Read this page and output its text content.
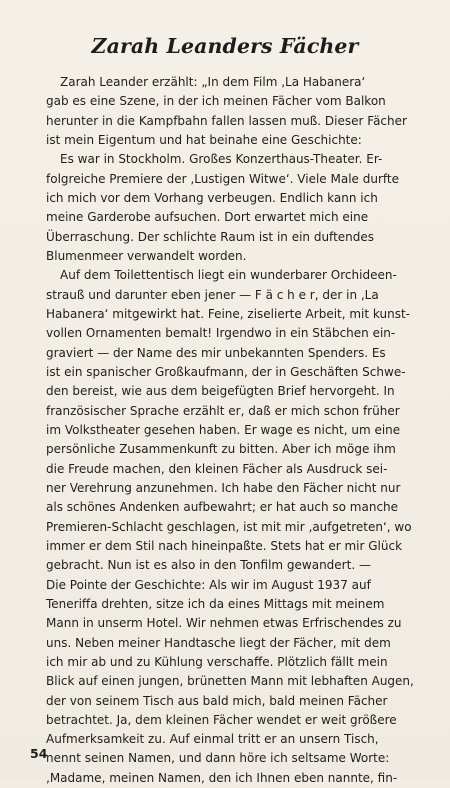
Zarah Leanders Fächer
Zarah Leander erzählt: „In dem Film ‚La Habanera‘
gab es eine Szene, in der ich meinen Fächer vom Balkon
herunter in die Kampfbahn fallen lassen muß. Dieser Fächer
ist mein Eigentum und hat beinahe eine Geschichte:
Es war in Stockholm. Großes Konzerthaus-Theater. Er-
folgreiche Premiere der ‚Lustigen Witwe‘. Viele Male durfte
ich mich vor dem Vorhang verbeugen. Endlich kann ich
meine Garderobe aufsuchen. Dort erwartet mich eine
Überraschung. Der schlichte Raum ist in ein duftendes
Blumenmeer verwandelt worden.
Auf dem Toilettentisch liegt ein wunderbarer Orchideen-
strauß und darunter eben jener — F ä c h e r, der in ‚La
Habanera‘ mitgewirkt hat. Feine, ziselierte Arbeit, mit kunst-
vollen Ornamenten bemalt! Irgendwo in ein Stäbchen ein-
graviert — der Name des mir unbekannten Spenders. Es
ist ein spanischer Großkaufmann, der in Geschäften Schwe-
den bereist, wie aus dem beigefügten Brief hervorgeht. In
französischer Sprache erzählt er, daß er mich schon früher
im Volkstheater gesehen haben. Er wage es nicht, um eine
persönliche Zusammenkunft zu bitten. Aber ich möge ihm
die Freude machen, den kleinen Fächer als Ausdruck sei-
ner Verehrung anzunehmen. Ich habe den Fächer nicht nur
als schönes Andenken aufbewahrt; er hat auch so manche
Premieren-Schlacht geschlagen, ist mit mir ‚aufgetreten‘, wo
immer er dem Stil nach hineinpaßte. Stets hat er mir Glück
gebracht. Nun ist es also in den Tonfilm gewandert. —
Die Pointe der Geschichte: Als wir im August 1937 auf
Teneriffa drehten, sitze ich da eines Mittags mit meinem
Mann in unserm Hotel. Wir nehmen etwas Erfrischendes zu
uns. Neben meiner Handtasche liegt der Fächer, mit dem
ich mir ab und zu Kühlung verschaffe. Plötzlich fällt mein
Blick auf einen jungen, brünetten Mann mit lebhaften Augen,
der von seinem Tisch aus bald mich, bald meinen Fächer
betrachtet. Ja, dem kleinen Fächer wendet er weit größere
Aufmerksamkeit zu. Auf einmal tritt er an unsern Tisch,
nennt seinen Namen, und dann höre ich seltsame Worte:
‚Madame, meinen Namen, den ich Ihnen eben nannte, fin-
54
